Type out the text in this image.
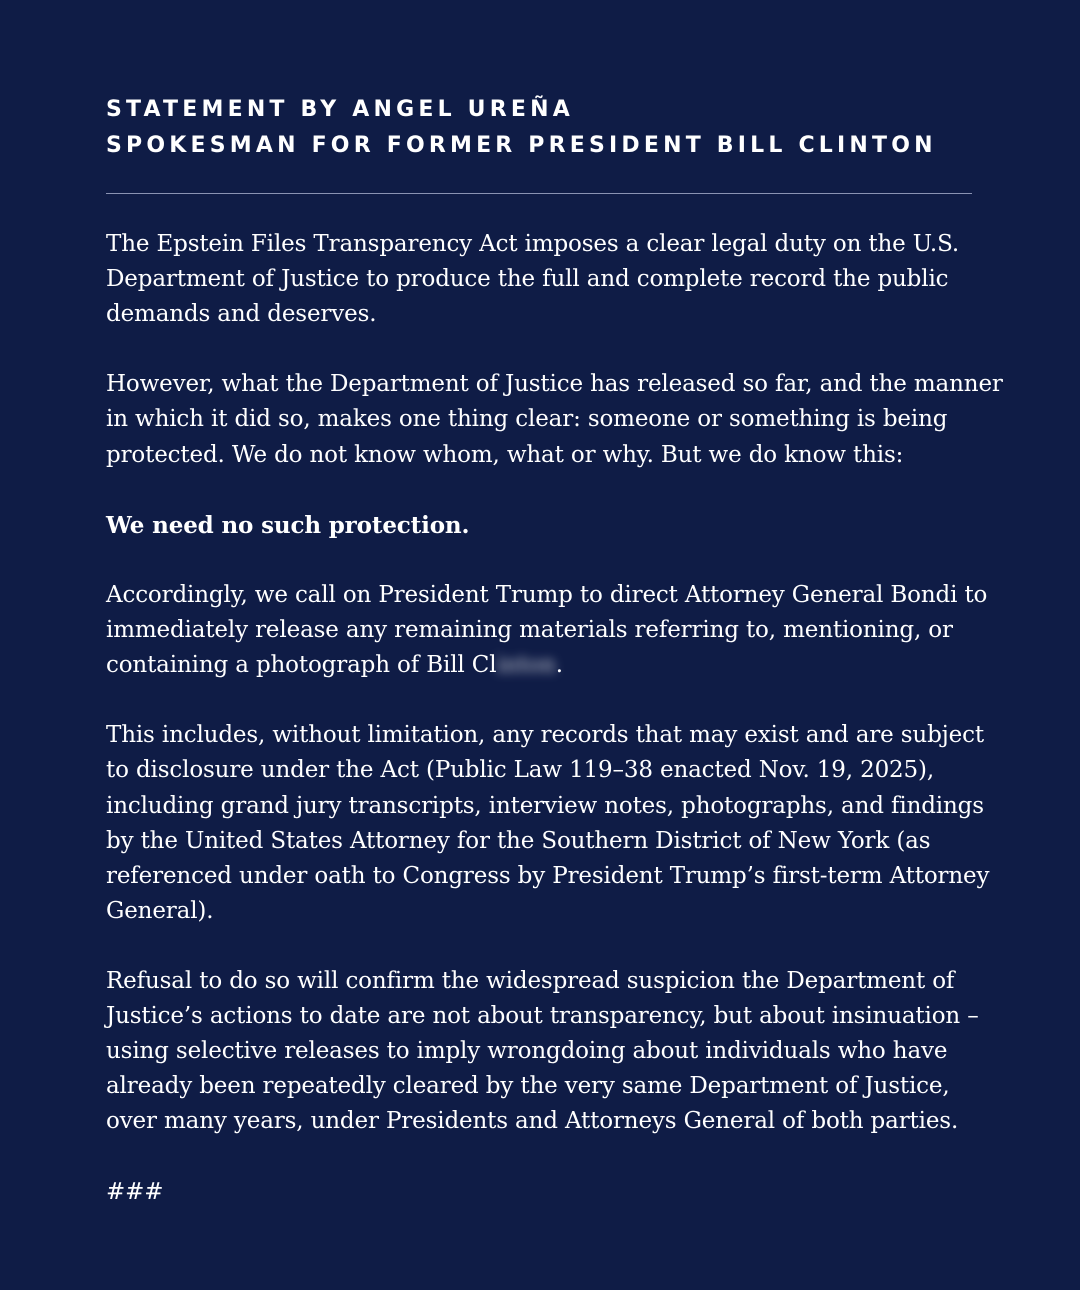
STATEMENT BY ANGEL UREÑA
SPOKESMAN FOR FORMER PRESIDENT BILL CLINTON

The Epstein Files Transparency Act imposes a clear legal duty on the U.S. Department of Justice to produce the full and complete record the public demands and deserves.

However, what the Department of Justice has released so far, and the manner in which it did so, makes one thing clear: someone or something is being protected. We do not know whom, what or why. But we do know this:

We need no such protection.

Accordingly, we call on President Trump to direct Attorney General Bondi to immediately release any remaining materials referring to, mentioning, or containing a photograph of Bill Clinton.

This includes, without limitation, any records that may exist and are subject to disclosure under the Act (Public Law 119–38 enacted Nov. 19, 2025), including grand jury transcripts, interview notes, photographs, and findings by the United States Attorney for the Southern District of New York (as referenced under oath to Congress by President Trump’s first-term Attorney General).

Refusal to do so will confirm the widespread suspicion the Department of Justice’s actions to date are not about transparency, but about insinuation – using selective releases to imply wrongdoing about individuals who have already been repeatedly cleared by the very same Department of Justice, over many years, under Presidents and Attorneys General of both parties.

###
